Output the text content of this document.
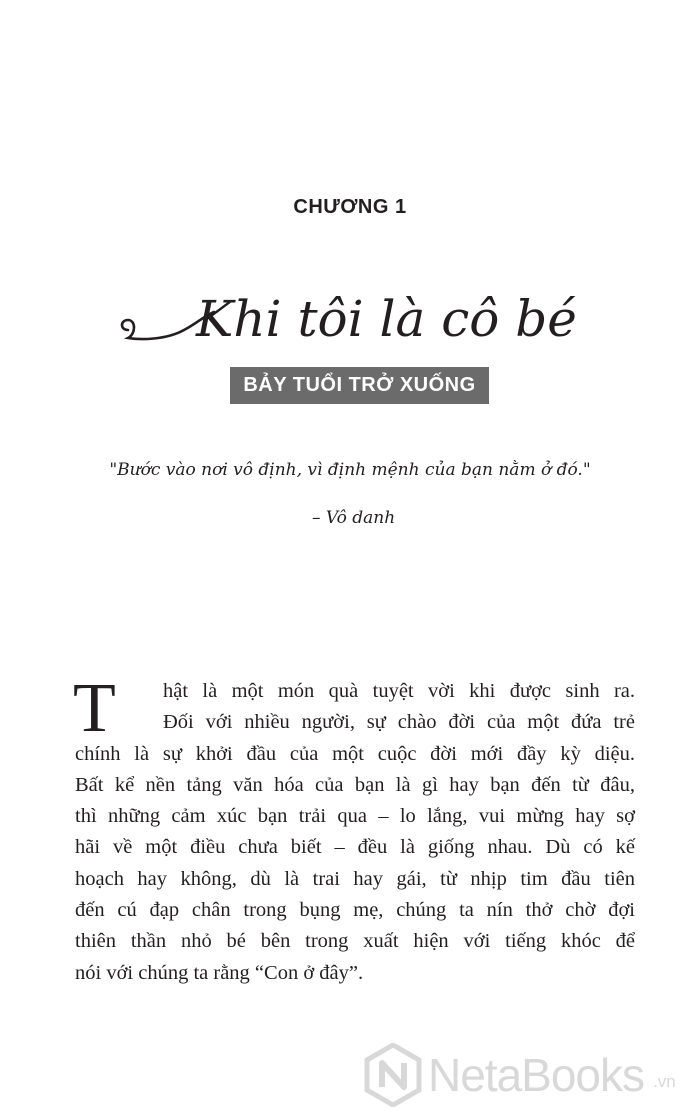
CHƯƠNG 1
Khi tôi là cô bé
BẢY TUỔI TRỞ XUỐNG
"Bước vào nơi vô định, vì định mệnh của bạn nằm ở đó."
– Vô danh
T	hật là một món quà tuyệt vời khi được sinh ra.
Đối với nhiều người, sự chào đời của một đứa trẻ
chính là sự khởi đầu của một cuộc đời mới đầy kỳ diệu.
Bất kể nền tảng văn hóa của bạn là gì hay bạn đến từ đâu,
thì những cảm xúc bạn trải qua – lo lắng, vui mừng hay sợ
hãi về một điều chưa biết – đều là giống nhau. Dù có kế
hoạch hay không, dù là trai hay gái, từ nhịp tim đầu tiên
đến cú đạp chân trong bụng mẹ, chúng ta nín thở chờ đợi
thiên thần nhỏ bé bên trong xuất hiện với tiếng khóc để
nói với chúng ta rằng “Con ở đây”.
NetaBooks .vn
